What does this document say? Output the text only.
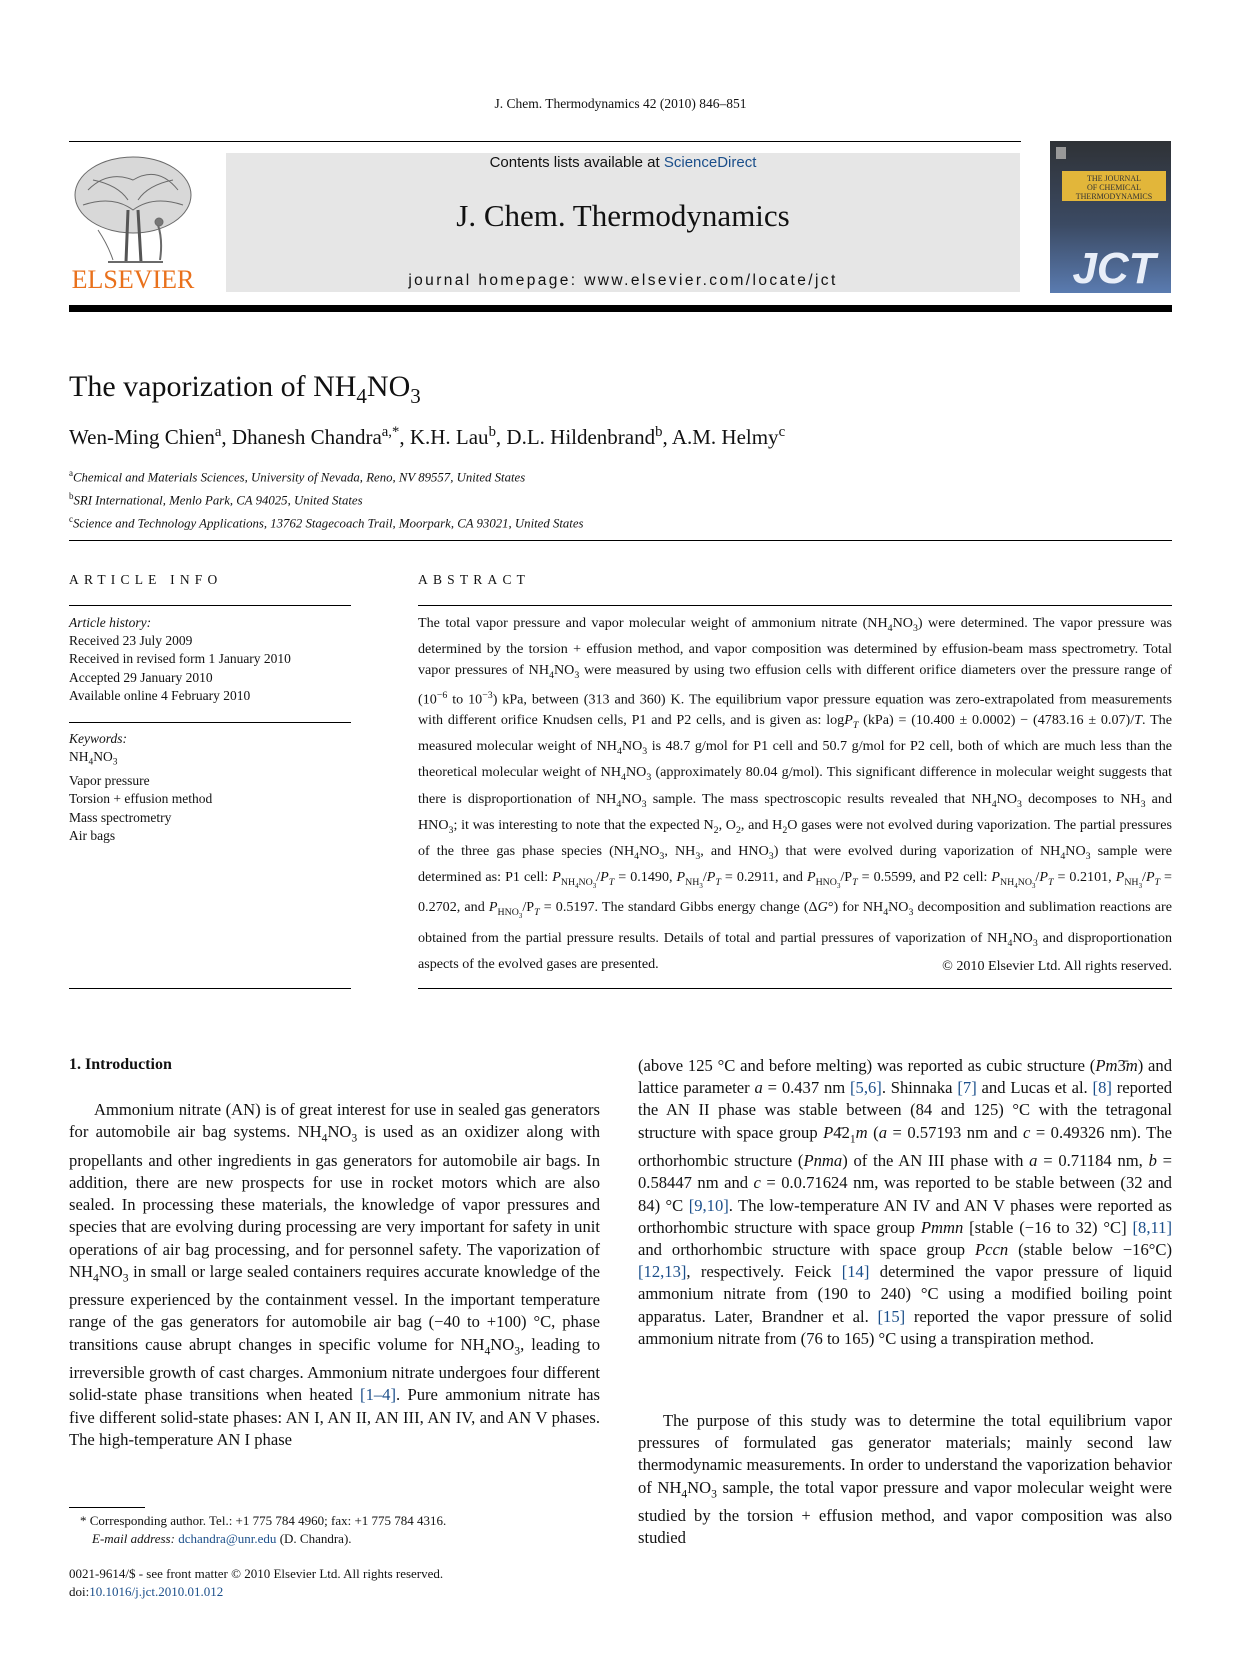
J. Chem. Thermodynamics 42 (2010) 846–851
ELSEVIER
Contents lists available at ScienceDirect
J. Chem. Thermodynamics
journal homepage: www.elsevier.com/locate/jct
THE JOURNAL
OF CHEMICAL
THERMODYNAMICS
JCT
The vaporization of $NH_4NO_3$
Wen-Ming Chien$^a$, Dhanesh Chandra$^{a,*}$, K.H. Lau$^b$, D.L. Hildenbrand$^b$, A.M. Helmy$^c$
$^a$Chemical and Materials Sciences, University of Nevada, Reno, NV 89557, United States
$^b$SRI International, Menlo Park, CA 94025, United States
$^c$Science and Technology Applications, 13762 Stagecoach Trail, Moorpark, CA 93021, United States
ARTICLE INFO	ABSTRACT
Article history:
Received 23 July 2009
Received in revised form 1 January 2010
Accepted 29 January 2010
Available online 4 February 2010
Keywords:
$NH_4NO_3$
Vapor pressure
Torsion + effusion method
Mass spectrometry
Air bags
The total vapor pressure and vapor molecular weight of ammonium nitrate $(NH_4NO_3)$ were determined. The vapor pressure was determined by the torsion + effusion method, and vapor composition was determined by effusion-beam mass spectrometry. Total vapor pressures of $NH_4NO_3$ were measured by using two effusion cells with different orifice diameters over the pressure range of ($10^{-6}$ to $10^{-3}$) kPa, between (313 and 360) K. The equilibrium vapor pressure equation was zero-extrapolated from measurements with different orifice Knudsen cells, P1 and P2 cells, and is given as: logP$_T$ (kPa) = (10.400 ± 0.0002) − (4783.16 ± 0.07)/T. The measured molecular weight of $NH_4NO_3$ is 48.7 g/mol for P1 cell and 50.7 g/mol for P2 cell, both of which are much less than the theoretical molecular weight of $NH_4NO_3$ (approximately 80.04 g/mol). This significant difference in molecular weight suggests that there is disproportionation of $NH_4NO_3$ sample. The mass spectroscopic results revealed that $NH_4NO_3$ decomposes to $NH_3$ and $HNO_3$; it was interesting to note that the expected $N_2$, $O_2$, and $H_2O$ gases were not evolved during vaporization. The partial pressures of the three gas phase species ($NH_4NO_3$, $NH_3$, and $HNO_3$) that were evolved during vaporization of $NH_4NO_3$ sample were determined as: P1 cell: $P_{NH_4NO_3}/P_T = 0.1490$, $P_{NH_3}/P_T = 0.2911$, and $P_{HNO_3}/P_T = 0.5599$, and P2 cell: $P_{NH_4NO_3}/P_T = 0.2101$, $P_{NH_3}/P_T = 0.2702$, and $P_{HNO_3}/P_T = 0.5197$. The standard Gibbs energy change (ΔG°) for $NH_4NO_3$ decomposition and sublimation reactions are obtained from the partial pressure results. Details of total and partial pressures of vaporization of $NH_4NO_3$ and disproportionation aspects of the evolved gases are presented.	© 2010 Elsevier Ltd. All rights reserved.
1. Introduction
Ammonium nitrate (AN) is of great interest for use in sealed gas generators for automobile air bag systems. $NH_4NO_3$ is used as an oxidizer along with propellants and other ingredients in gas generators for automobile air bags. In addition, there are new prospects for use in rocket motors which are also sealed. In processing these materials, the knowledge of vapor pressures and species that are evolving during processing are very important for safety in unit operations of air bag processing, and for personnel safety. The vaporization of $NH_4NO_3$ in small or large sealed containers requires accurate knowledge of the pressure experienced by the containment vessel. In the important temperature range of the gas generators for automobile air bag (−40 to +100) °C, phase transitions cause abrupt changes in specific volume for $NH_4NO_3$, leading to irreversible growth of cast charges. Ammonium nitrate undergoes four different solid-state phase transitions when heated [1–4]. Pure ammonium nitrate has five different solid-state phases: AN I, AN II, AN III, AN IV, and AN V phases. The high-temperature AN I phase
(above 125 °C and before melting) was reported as cubic structure (Pm3̄m) and lattice parameter a = 0.437 nm [5,6]. Shinnaka [7] and Lucas et al. [8] reported the AN II phase was stable between (84 and 125) °C with the tetragonal structure with space group $P4̄2_1m$ (a = 0.57193 nm and c = 0.49326 nm). The orthorhombic structure (Pnma) of the AN III phase with a = 0.71184 nm, b = 0.58447 nm and c = 0.0.71624 nm, was reported to be stable between (32 and 84) °C [9,10]. The low-temperature AN IV and AN V phases were reported as orthorhombic structure with space group Pmmn [stable (−16 to 32) °C] [8,11] and orthorhombic structure with space group Pccn (stable below −16°C) [12,13], respectively. Feick [14] determined the vapor pressure of liquid ammonium nitrate from (190 to 240) °C using a modified boiling point apparatus. Later, Brandner et al. [15] reported the vapor pressure of solid ammonium nitrate from (76 to 165) °C using a transpiration method.
The purpose of this study was to determine the total equilibrium vapor pressures of formulated gas generator materials; mainly second law thermodynamic measurements. In order to understand the vaporization behavior of $NH_4NO_3$ sample, the total vapor pressure and vapor molecular weight were studied by the torsion + effusion method, and vapor composition was also studied
* Corresponding author. Tel.: +1 775 784 4960; fax: +1 775 784 4316.
E-mail address: dchandra@unr.edu (D. Chandra).
0021-9614/$ - see front matter © 2010 Elsevier Ltd. All rights reserved.
doi:10.1016/j.jct.2010.01.012
